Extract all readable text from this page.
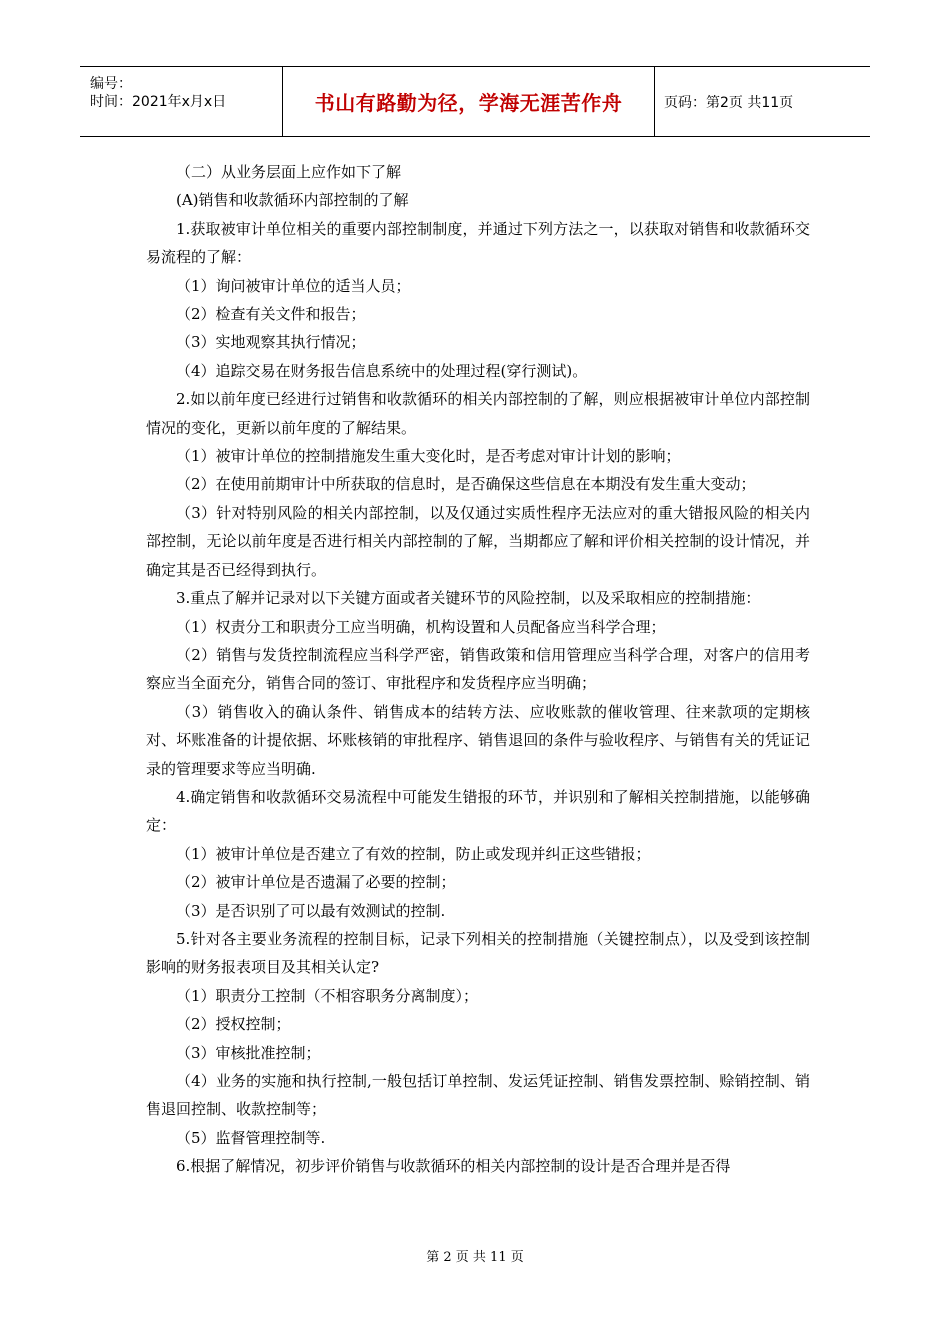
编号：
时间：2021年x月x日	书山有路勤为径，学海无涯苦作舟	页码：第2页 共11页

（二）从业务层面上应作如下了解

(A)销售和收款循环内部控制的了解

1.获取被审计单位相关的重要内部控制制度，并通过下列方法之一，以获取对销售和收款循环交易流程的了解：

（1）询问被审计单位的适当人员；

（2）检查有关文件和报告；

（3）实地观察其执行情况；

（4）追踪交易在财务报告信息系统中的处理过程(穿行测试)。

2.如以前年度已经进行过销售和收款循环的相关内部控制的了解，则应根据被审计单位内部控制情况的变化，更新以前年度的了解结果。

（1）被审计单位的控制措施发生重大变化时，是否考虑对审计计划的影响；

（2）在使用前期审计中所获取的信息时，是否确保这些信息在本期没有发生重大变动；

（3）针对特别风险的相关内部控制，以及仅通过实质性程序无法应对的重大错报风险的相关内部控制，无论以前年度是否进行相关内部控制的了解，当期都应了解和评价相关控制的设计情况，并确定其是否已经得到执行。

3.重点了解并记录对以下关键方面或者关键环节的风险控制，以及采取相应的控制措施：

（1）权责分工和职责分工应当明确，机构设置和人员配备应当科学合理；

（2）销售与发货控制流程应当科学严密，销售政策和信用管理应当科学合理，对客户的信用考察应当全面充分，销售合同的签订、审批程序和发货程序应当明确；

（3）销售收入的确认条件、销售成本的结转方法、应收账款的催收管理、往来款项的定期核对、坏账准备的计提依据、坏账核销的审批程序、销售退回的条件与验收程序、与销售有关的凭证记录的管理要求等应当明确.

4.确定销售和收款循环交易流程中可能发生错报的环节，并识别和了解相关控制措施，以能够确定：

（1）被审计单位是否建立了有效的控制，防止或发现并纠正这些错报；

（2）被审计单位是否遗漏了必要的控制；

（3）是否识别了可以最有效测试的控制.

5.针对各主要业务流程的控制目标，记录下列相关的控制措施（关键控制点），以及受到该控制影响的财务报表项目及其相关认定?

（1）职责分工控制（不相容职务分离制度）；

（2）授权控制；

（3）审核批准控制；

（4）业务的实施和执行控制,一般包括订单控制、发运凭证控制、销售发票控制、赊销控制、销售退回控制、收款控制等；

（5）监督管理控制等.

6.根据了解情况，初步评价销售与收款循环的相关内部控制的设计是否合理并是否得

第 2 页 共 11 页
